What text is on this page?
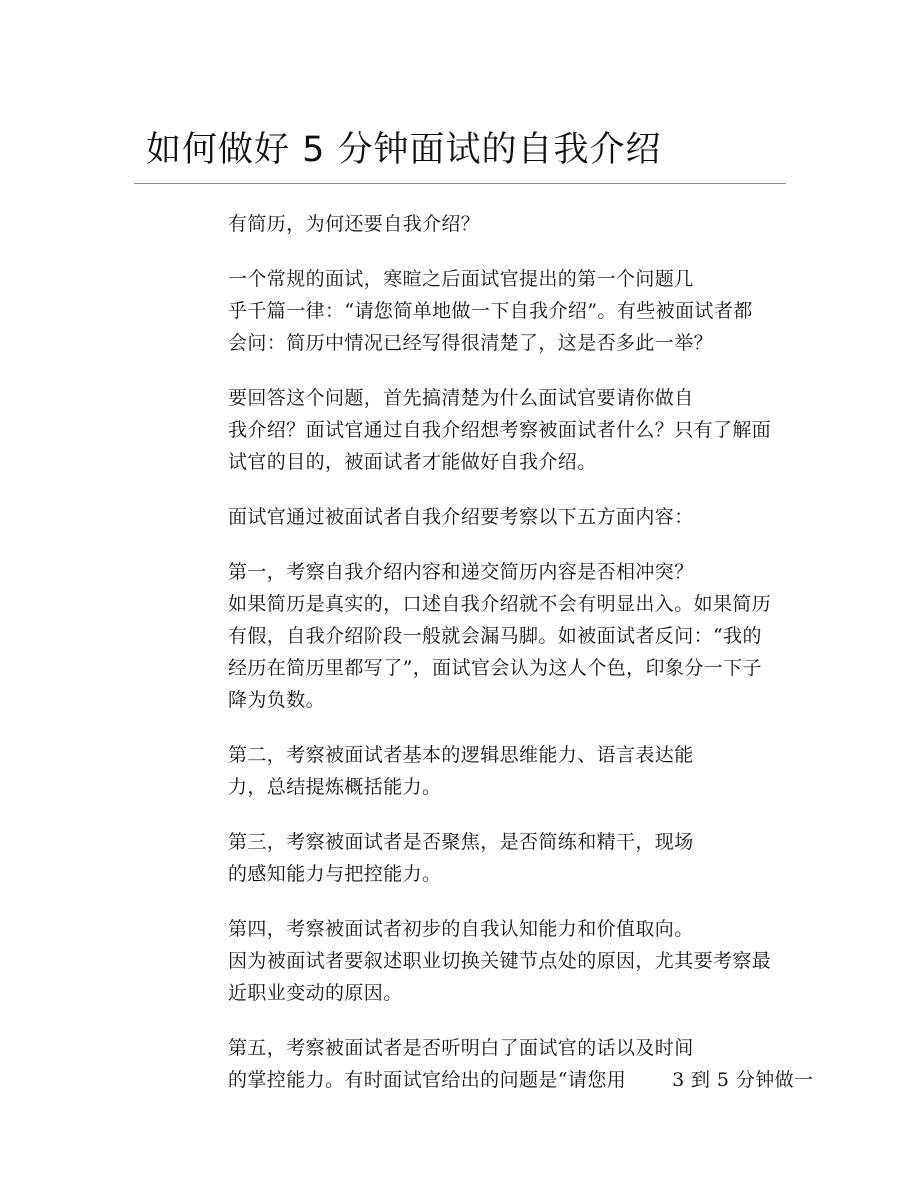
如何做好 5 分钟面试的自我介绍

有简历，为何还要自我介绍？

一个常规的面试，寒暄之后面试官提出的第一个问题几
乎千篇一律：“请您简单地做一下自我介绍”。有些被面试者都
会问：简历中情况已经写得很清楚了，这是否多此一举？

要回答这个问题，首先搞清楚为什么面试官要请你做自
我介绍？面试官通过自我介绍想考察被面试者什么？只有了解面
试官的目的，被面试者才能做好自我介绍。

面试官通过被面试者自我介绍要考察以下五方面内容：

第一，考察自我介绍内容和递交简历内容是否相冲突？
如果简历是真实的，口述自我介绍就不会有明显出入。如果简历
有假，自我介绍阶段一般就会漏马脚。如被面试者反问：“我的
经历在简历里都写了”，面试官会认为这人个色，印象分一下子
降为负数。

第二，考察被面试者基本的逻辑思维能力、语言表达能
力，总结提炼概括能力。

第三，考察被面试者是否聚焦，是否简练和精干，现场
的感知能力与把控能力。

第四，考察被面试者初步的自我认知能力和价值取向。
因为被面试者要叙述职业切换关键节点处的原因，尤其要考察最
近职业变动的原因。

第五，考察被面试者是否听明白了面试官的话以及时间
的掌控能力。有时面试官给出的问题是“请您用 3 到 5 分钟做一
